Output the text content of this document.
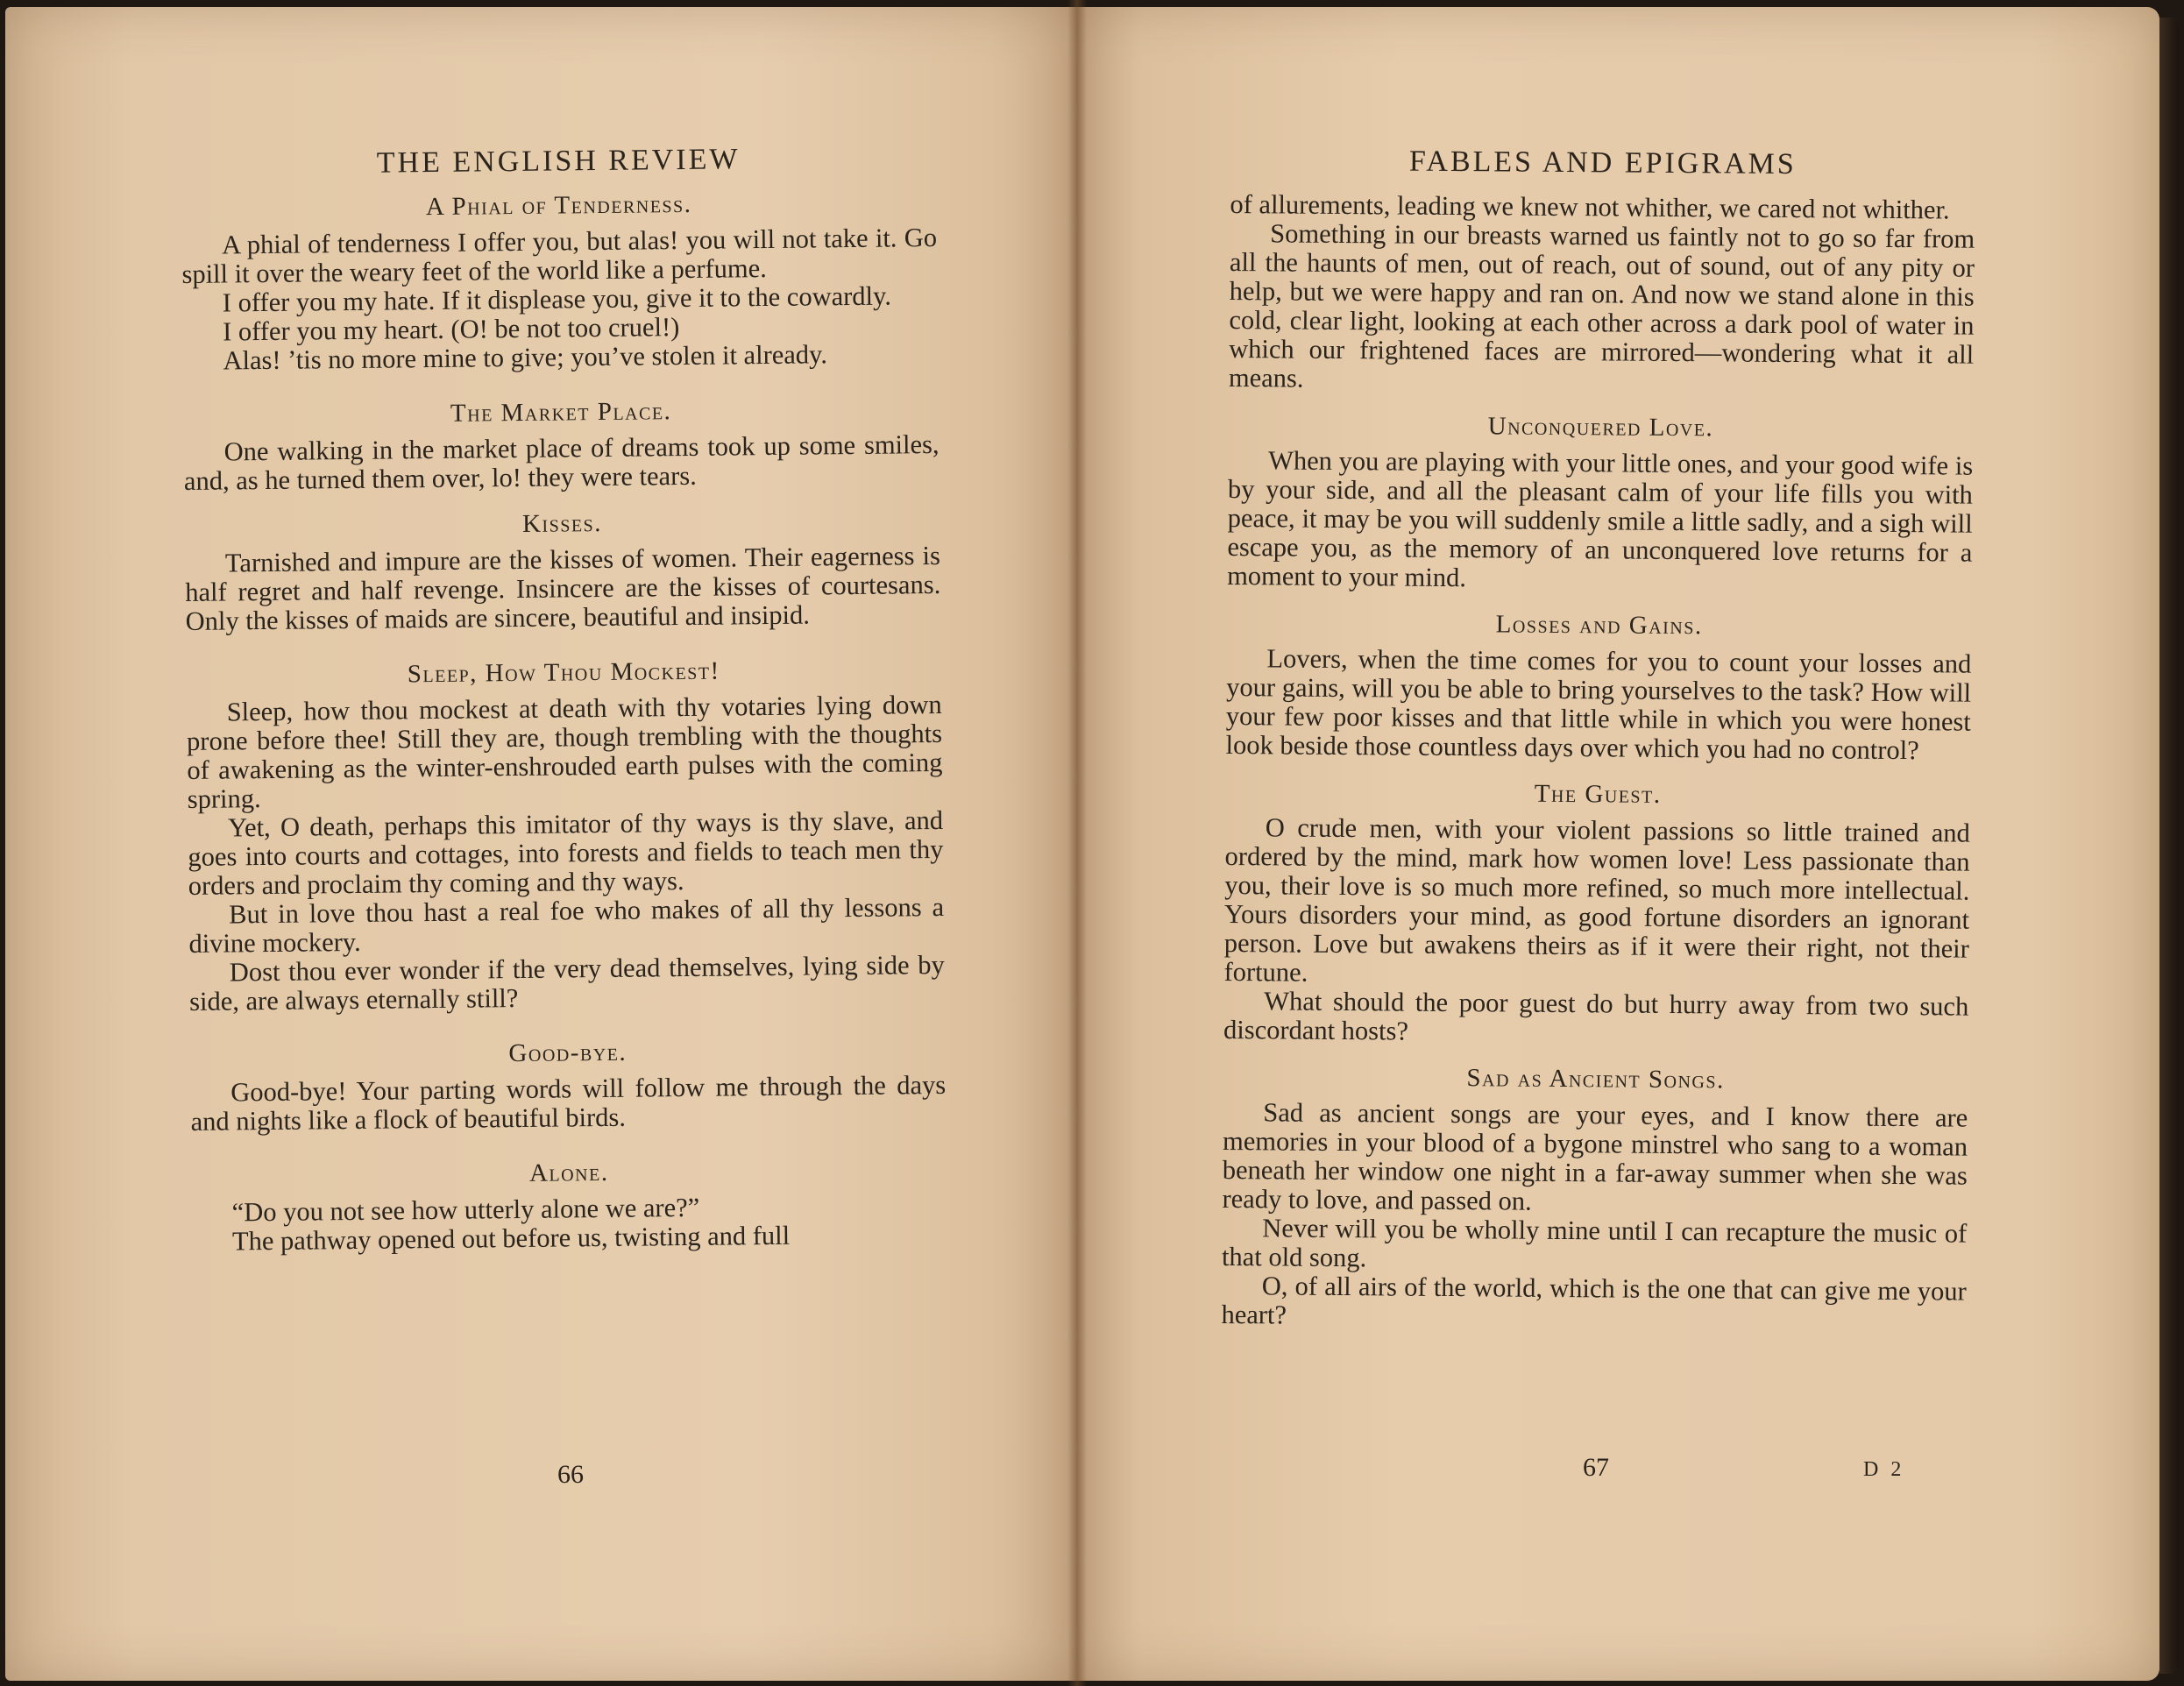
66	67	D 2
THE ENGLISH REVIEW
A Phial of Tenderness.

A phial of tenderness I offer you, but alas! you will not take it. Go spill it over the weary feet of the world like a perfume.

I offer you my hate. If it displease you, give it to the cowardly.

I offer you my heart. (O! be not too cruel!)

Alas! ’tis no more mine to give; you’ve stolen it already.

The Market Place.

One walking in the market place of dreams took up some smiles, and, as he turned them over, lo! they were tears.

Kisses.

Tarnished and impure are the kisses of women. Their eagerness is half regret and half revenge. Insincere are the kisses of courtesans. Only the kisses of maids are sincere, beautiful and insipid.

Sleep, How Thou Mockest!

Sleep, how thou mockest at death with thy votaries lying down prone before thee! Still they are, though trembling with the thoughts of awakening as the winter-enshrouded earth pulses with the coming spring.

Yet, O death, perhaps this imitator of thy ways is thy slave, and goes into courts and cottages, into forests and fields to teach men thy orders and proclaim thy coming and thy ways.

But in love thou hast a real foe who makes of all thy lessons a divine mockery.

Dost thou ever wonder if the very dead themselves, lying side by side, are always eternally still?

Good-bye.

Good-bye! Your parting words will follow me through the days and nights like a flock of beautiful birds.

Alone.

“Do you not see how utterly alone we are?”

The pathway opened out before us, twisting and full

FABLES AND EPIGRAMS

of allurements, leading we knew not whither, we cared not whither.

Something in our breasts warned us faintly not to go so far from all the haunts of men, out of reach, out of sound, out of any pity or help, but we were happy and ran on. And now we stand alone in this cold, clear light, looking at each other across a dark pool of water in which our frightened faces are mirrored—wondering what it all means.

Unconquered Love.

When you are playing with your little ones, and your good wife is by your side, and all the pleasant calm of your life fills you with peace, it may be you will suddenly smile a little sadly, and a sigh will escape you, as the memory of an unconquered love returns for a moment to your mind.

Losses and Gains.

Lovers, when the time comes for you to count your losses and your gains, will you be able to bring yourselves to the task? How will your few poor kisses and that little while in which you were honest look beside those countless days over which you had no control?

The Guest.

O crude men, with your violent passions so little trained and ordered by the mind, mark how women love! Less passionate than you, their love is so much more refined, so much more intellectual. Yours disorders your mind, as good fortune disorders an ignorant person. Love but awakens theirs as if it were their right, not their fortune.

What should the poor guest do but hurry away from two such discordant hosts?

Sad as Ancient Songs.

Sad as ancient songs are your eyes, and I know there are memories in your blood of a bygone minstrel who sang to a woman beneath her window one night in a far-away summer when she was ready to love, and passed on.

Never will you be wholly mine until I can recapture the music of that old song.

O, of all airs of the world, which is the one that can give me your heart?
